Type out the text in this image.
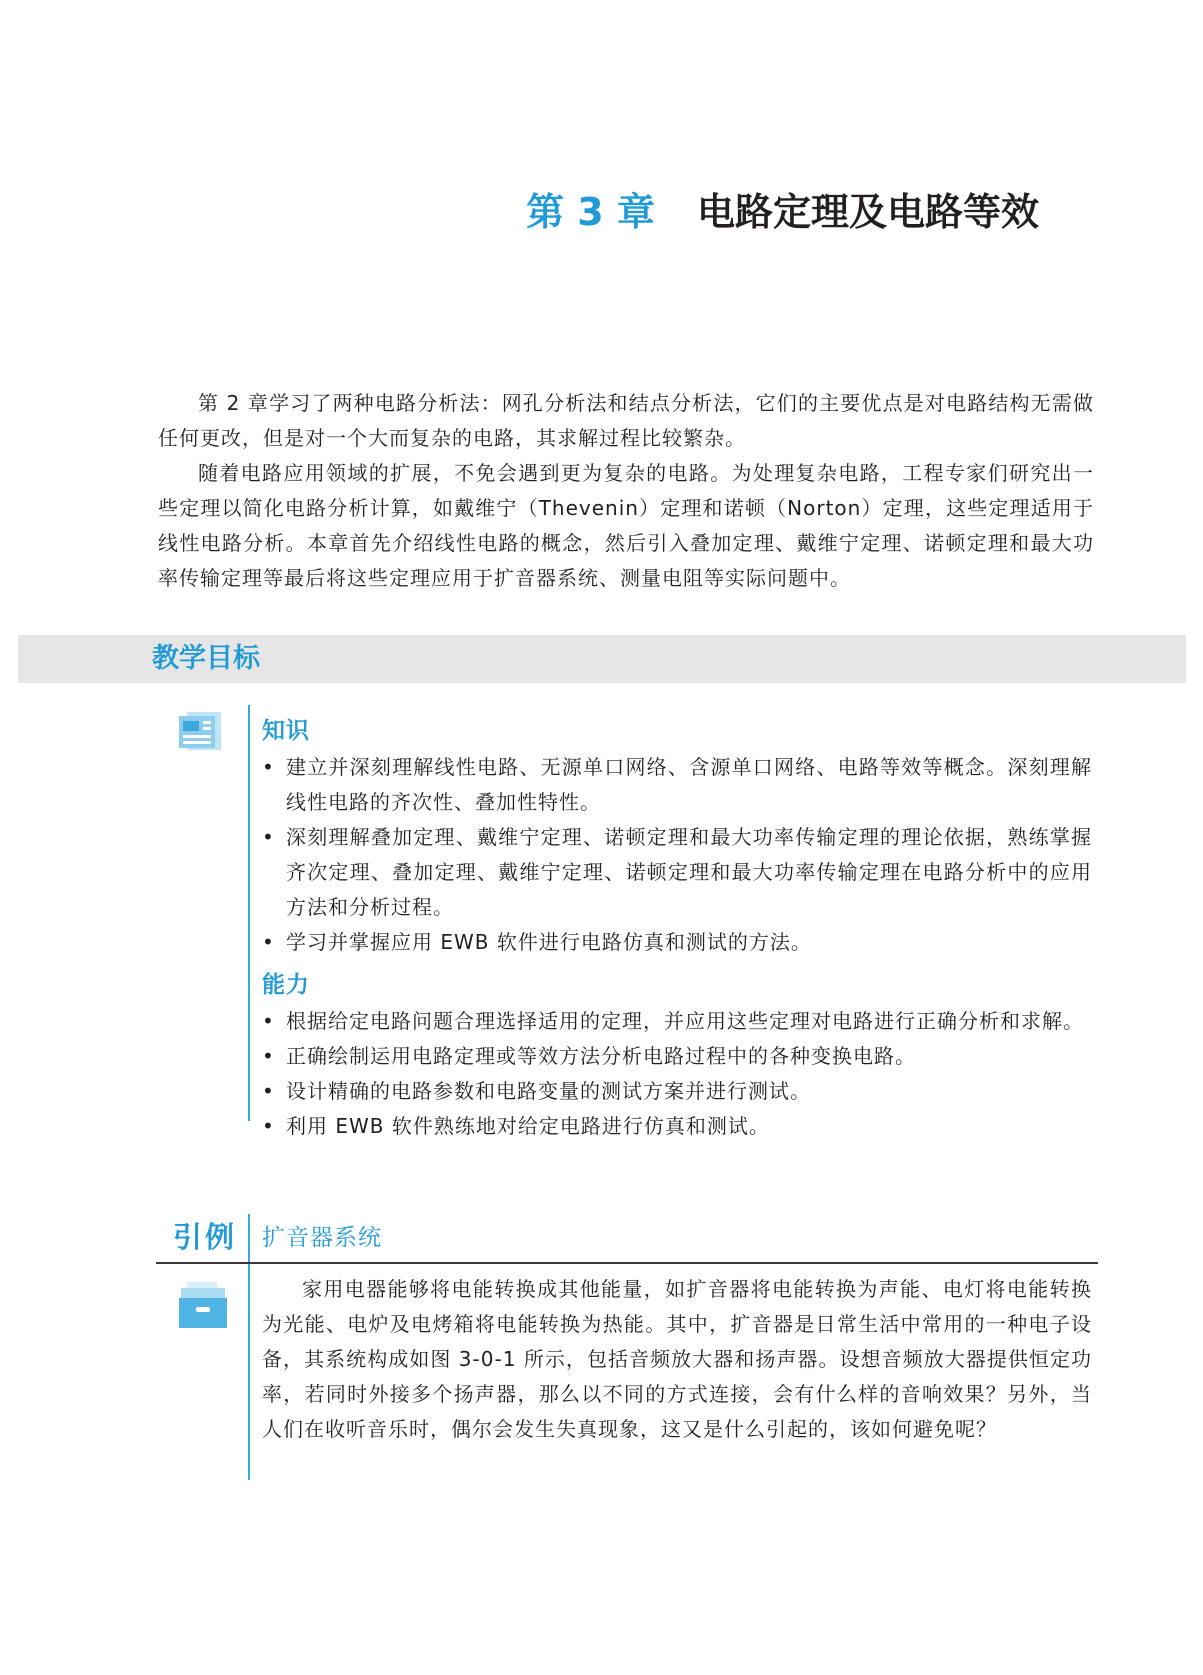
第 3 章 电路定理及电路等效

第 2 章学习了两种电路分析法：网孔分析法和结点分析法，它们的主要优点是对电路结构无需做任何更改，但是对一个大而复杂的电路，其求解过程比较繁杂。

随着电路应用领域的扩展，不免会遇到更为复杂的电路。为处理复杂电路，工程专家们研究出一些定理以简化电路分析计算，如戴维宁（Thevenin）定理和诺顿（Norton）定理，这些定理适用于线性电路分析。本章首先介绍线性电路的概念，然后引入叠加定理、戴维宁定理、诺顿定理和最大功率传输定理等最后将这些定理应用于扩音器系统、测量电阻等实际问题中。

教学目标
知识
• 建立并深刻理解线性电路、无源单口网络、含源单口网络、电路等效等概念。深刻理解线性电路的齐次性、叠加性特性。
• 深刻理解叠加定理、戴维宁定理、诺顿定理和最大功率传输定理的理论依据，熟练掌握齐次定理、叠加定理、戴维宁定理、诺顿定理和最大功率传输定理在电路分析中的应用方法和分析过程。
• 学习并掌握应用 EWB 软件进行电路仿真和测试的方法。
能力
• 根据给定电路问题合理选择适用的定理，并应用这些定理对电路进行正确分析和求解。
• 正确绘制运用电路定理或等效方法分析电路过程中的各种变换电路。
• 设计精确的电路参数和电路变量的测试方案并进行测试。
• 利用 EWB 软件熟练地对给定电路进行仿真和测试。
引例 扩音器系统

家用电器能够将电能转换成其他能量，如扩音器将电能转换为声能、电灯将电能转换为光能、电炉及电烤箱将电能转换为热能。其中，扩音器是日常生活中常用的一种电子设备，其系统构成如图 3-0-1 所示，包括音频放大器和扬声器。设想音频放大器提供恒定功率，若同时外接多个扬声器，那么以不同的方式连接，会有什么样的音响效果？另外，当人们在收听音乐时，偶尔会发生失真现象，这又是什么引起的，该如何避免呢？
